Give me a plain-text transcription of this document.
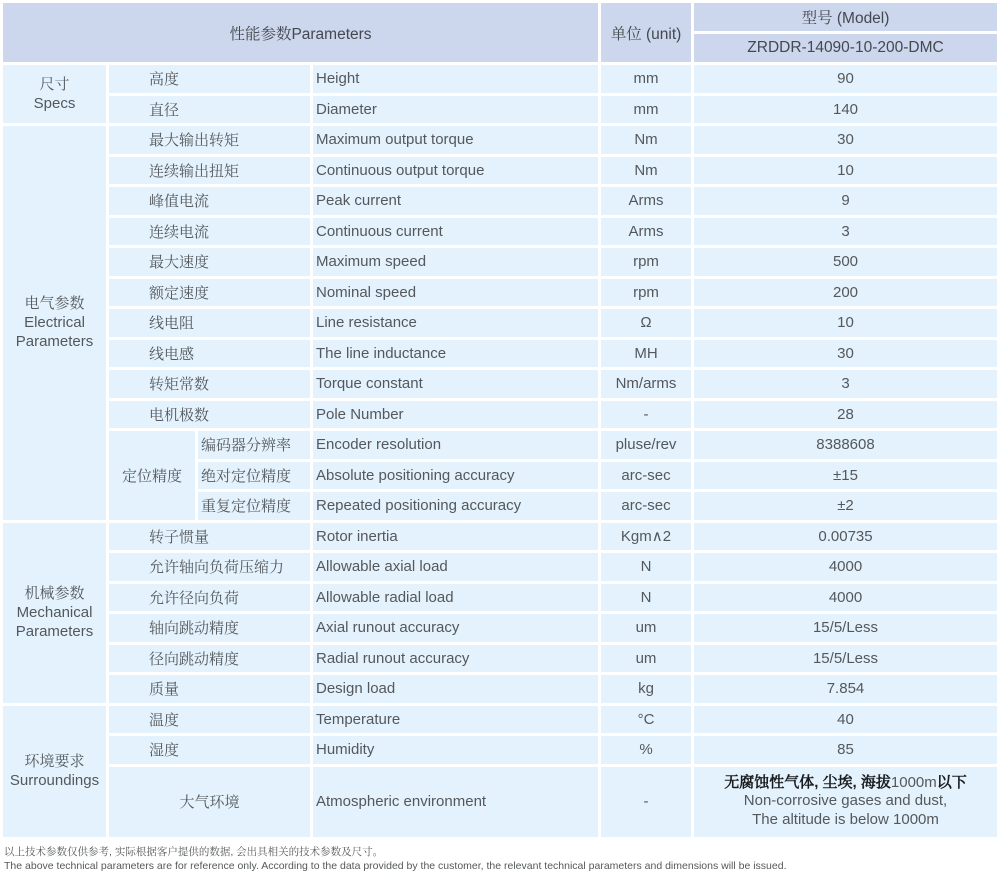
性能参数Parameters				单位 (unit)	型号 (Model)
					ZRDDR-14090-10-200-DMC

尺寸
Specs	高度		Height	mm	90
	直径		Diameter	mm	140

电气参数
Electrical Parameters	最大输出转矩		Maximum output torque	Nm	30
	连续输出扭矩		Continuous output torque	Nm	10
	峰值电流		Peak current	Arms	9
	连续电流		Continuous current	Arms	3
	最大速度		Maximum speed	rpm	500
	额定速度		Nominal speed	rpm	200
	线电阻		Line resistance	Ω	10
	线电感		The line inductance	MH	30
	转矩常数		Torque constant	Nm/arms	3
	电机极数		Pole Number	-	28
	定位精度	编码器分辨率	Encoder resolution	pluse/rev	8388608
		绝对定位精度	Absolute positioning accuracy	arc-sec	±15
		重复定位精度	Repeated positioning accuracy	arc-sec	±2

机械参数
Mechanical Parameters	转子惯量		Rotor inertia	Kgm∧2	0.00735
	允许轴向负荷压缩力		Allowable axial load	N	4000
	允许径向负荷		Allowable radial load	N	4000
	轴向跳动精度		Axial runout accuracy	um	15/5/Less
	径向跳动精度		Radial runout accuracy	um	15/5/Less
	质量		Design load	kg	7.854

环境要求
Surroundings	温度		Temperature	°C	40
	湿度		Humidity	%	85
	大气环境		Atmospheric environment	-	无腐蚀性气体, 尘埃, 海拔1000m以下
Non-corrosive gases and dust,
The altitude is below 1000m
以上技术参数仅供参考, 实际根据客户提供的数据, 会出具相关的技术参数及尺寸。
The above technical parameters are for reference only. According to the data provided by the customer, the relevant technical parameters and dimensions will be issued.
